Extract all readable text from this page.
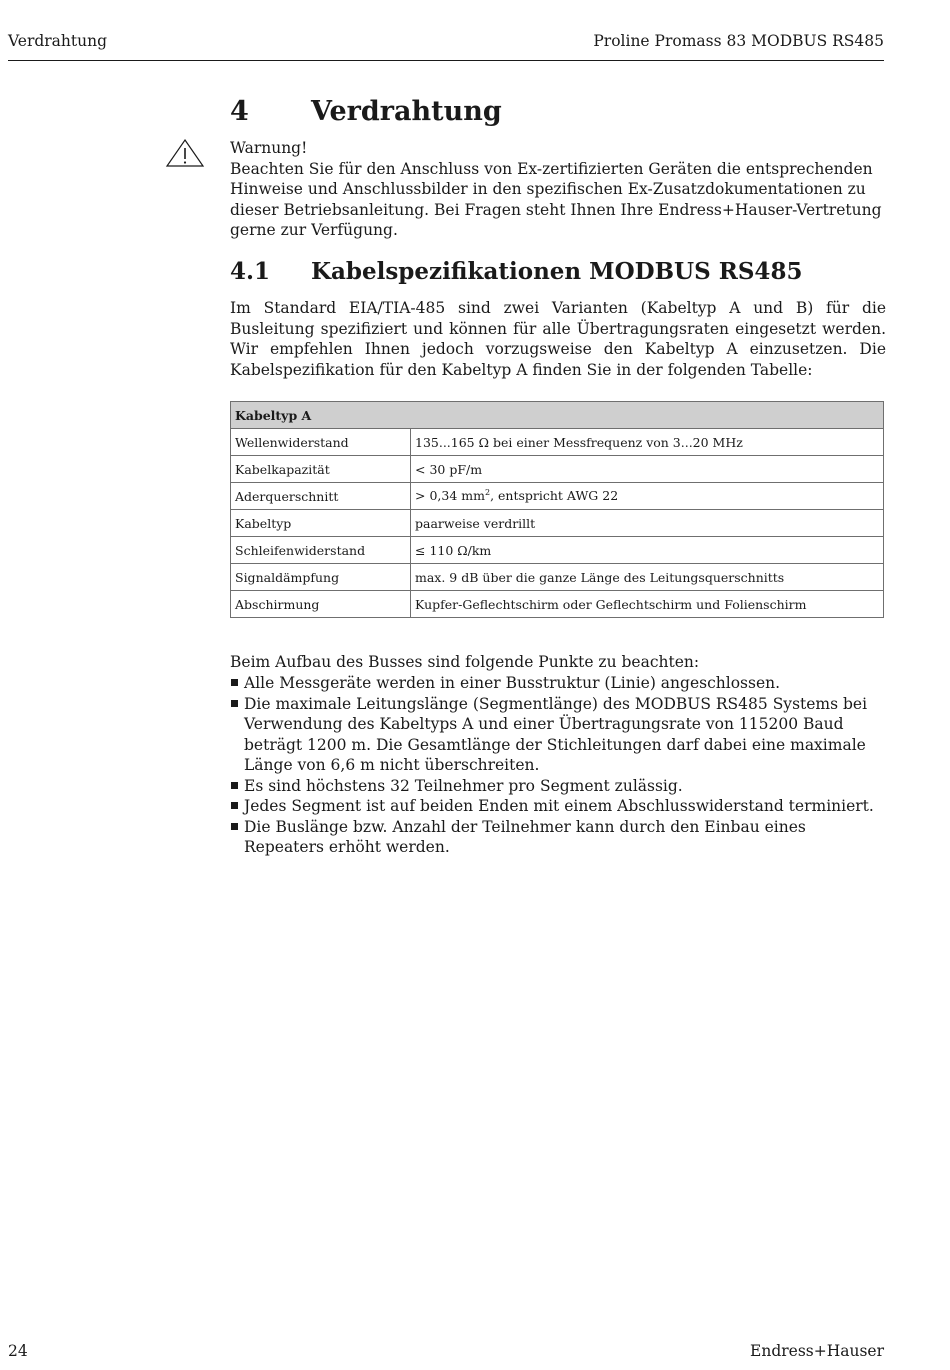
Verdrahtung	Proline Promass 83 MODBUS RS485
4 Verdrahtung

Warnung!

Beachten Sie für den Anschluss von Ex-zertifizierten Geräten die entsprechenden Hinweise und Anschlussbilder in den spezifischen Ex-Zusatzdokumentationen zu dieser Betriebsanleitung. Bei Fragen steht Ihnen Ihre Endress+Hauser-Vertretung gerne zur Verfügung.

4.1 Kabelspezifikationen MODBUS RS485

Im Standard EIA/TIA-485 sind zwei Varianten (Kabeltyp A und B) für die Busleitung spezifiziert und können für alle Übertragungsraten eingesetzt werden. Wir empfehlen Ihnen jedoch vorzugsweise den Kabeltyp A einzusetzen. Die Kabelspezifikation für den Kabeltyp A finden Sie in der folgenden Tabelle:

Kabeltyp A	
Wellenwiderstand	135...165 Ω bei einer Messfrequenz von 3...20 MHz
Kabelkapazität	< 30 pF/m
Aderquerschnitt	> 0,34 $mm^2$, entspricht AWG 22
Kabeltyp	paarweise verdrillt
Schleifenwiderstand	≤ 110 Ω/km
Signaldämpfung	max. 9 dB über die ganze Länge des Leitungsquerschnitts
Abschirmung	Kupfer-Geflechtschirm oder Geflechtschirm und Folienschirm

Beim Aufbau des Busses sind folgende Punkte zu beachten:

Alle Messgeräte werden in einer Busstruktur (Linie) angeschlossen.
Die maximale Leitungslänge (Segmentlänge) des MODBUS RS485 Systems bei Verwendung des Kabeltyps A und einer Übertragungsrate von 115200 Baud beträgt 1200 m. Die Gesamtlänge der Stichleitungen darf dabei eine maximale Länge von 6,6 m nicht überschreiten.
Es sind höchstens 32 Teilnehmer pro Segment zulässig.
Jedes Segment ist auf beiden Enden mit einem Abschlusswiderstand terminiert.
Die Buslänge bzw. Anzahl der Teilnehmer kann durch den Einbau eines Repeaters erhöht werden.
24	Endress+Hauser
